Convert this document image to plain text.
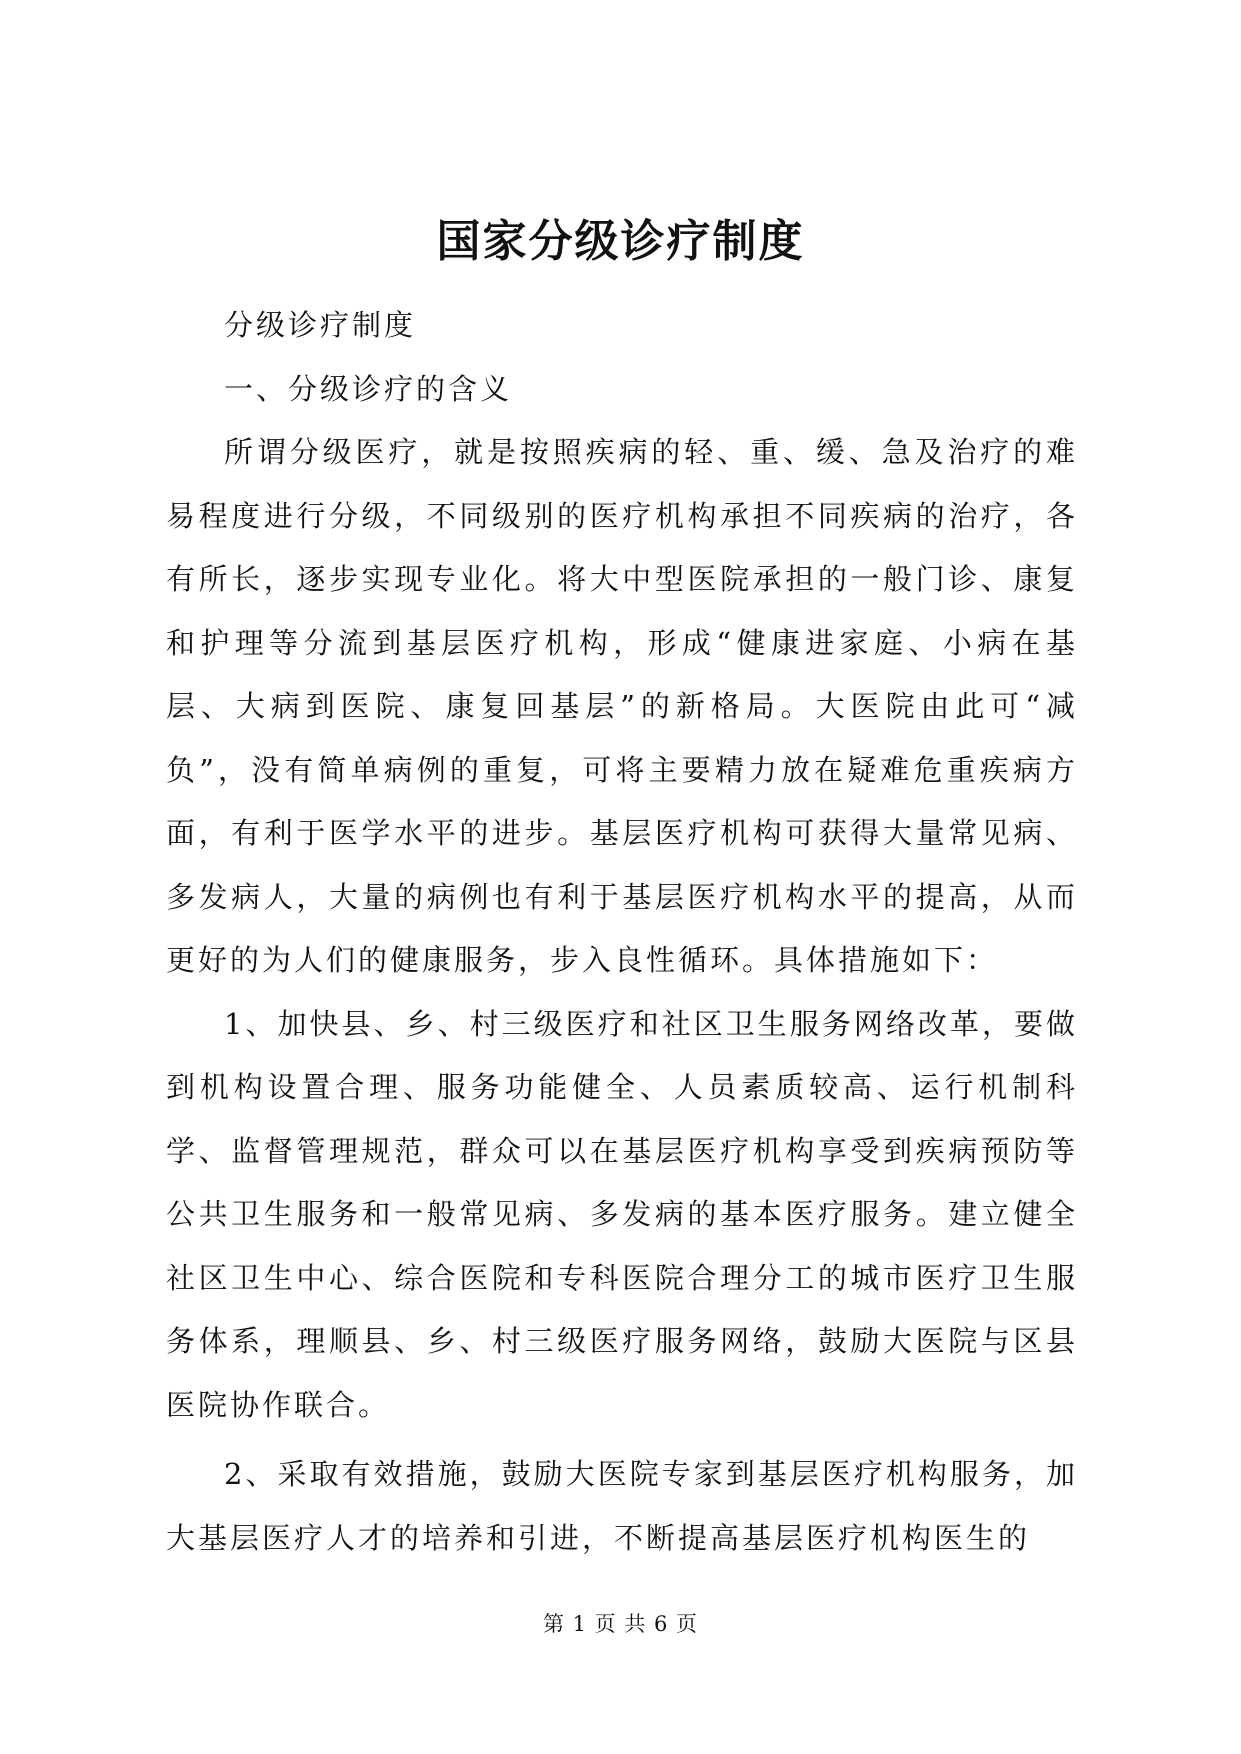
国家分级诊疗制度

分级诊疗制度

一、分级诊疗的含义

所谓分级医疗，就是按照疾病的轻、重、缓、急及治疗的难易程度进行分级，不同级别的医疗机构承担不同疾病的治疗，各有所长，逐步实现专业化。将大中型医院承担的一般门诊、康复和护理等分流到基层医疗机构，形成“健康进家庭、小病在基层、大病到医院、康复回基层”的新格局。大医院由此可“减负”，没有简单病例的重复，可将主要精力放在疑难危重疾病方面，有利于医学水平的进步。基层医疗机构可获得大量常见病、多发病人，大量的病例也有利于基层医疗机构水平的提高，从而更好的为人们的健康服务，步入良性循环。具体措施如下：

1、加快县、乡、村三级医疗和社区卫生服务网络改革，要做到机构设置合理、服务功能健全、人员素质较高、运行机制科学、监督管理规范，群众可以在基层医疗机构享受到疾病预防等公共卫生服务和一般常见病、多发病的基本医疗服务。建立健全社区卫生中心、综合医院和专科医院合理分工的城市医疗卫生服务体系，理顺县、乡、村三级医疗服务网络，鼓励大医院与区县医院协作联合。

2、采取有效措施，鼓励大医院专家到基层医疗机构服务，加大基层医疗人才的培养和引进，不断提高基层医疗机构医生的

第 1 页 共 6 页
